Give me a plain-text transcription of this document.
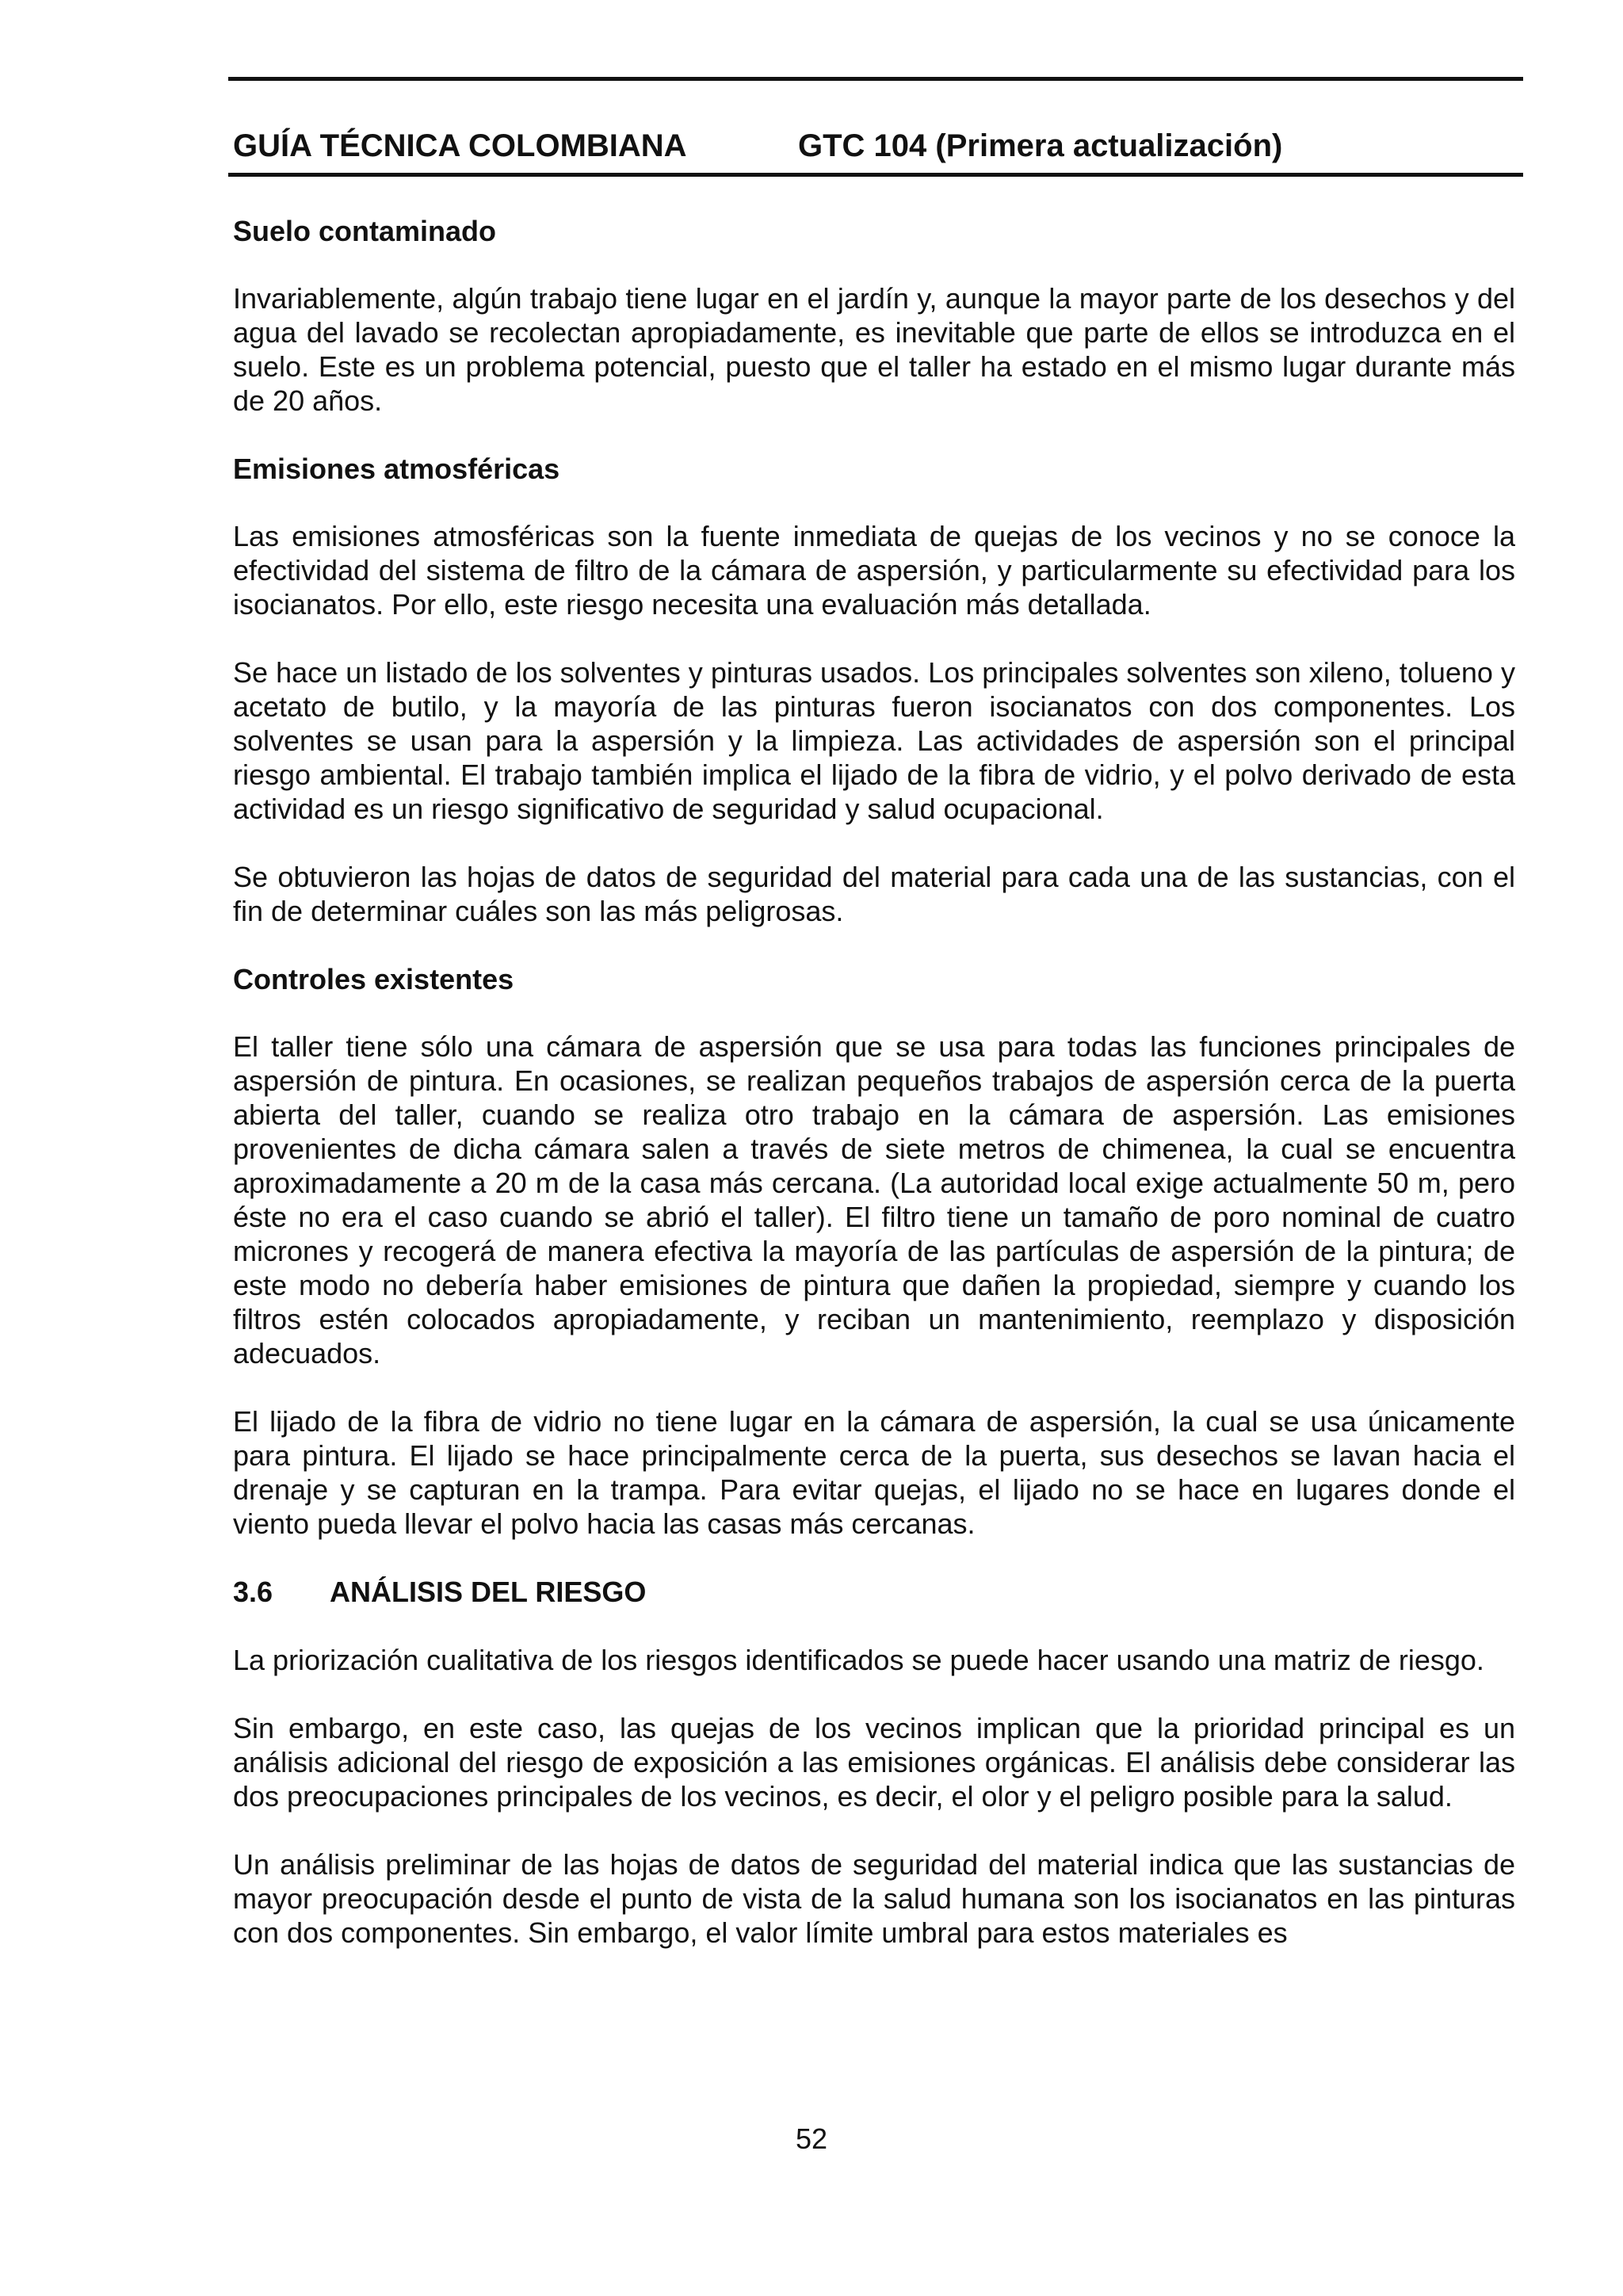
GUÍA TÉCNICA COLOMBIANA	GTC 104 (Primera actualización)
Suelo contaminado

Invariablemente, algún trabajo tiene lugar en el jardín y, aunque la mayor parte de los desechos y del agua del lavado se recolectan apropiadamente, es inevitable que parte de ellos se introduzca en el suelo. Este es un problema potencial, puesto que el taller ha estado en el mismo lugar durante más de 20 años.

Emisiones atmosféricas

Las emisiones atmosféricas son la fuente inmediata de quejas de los vecinos y no se conoce la efectividad del sistema de filtro de la cámara de aspersión, y particularmente su efectividad para los isocianatos. Por ello, este riesgo necesita una evaluación más detallada.

Se hace un listado de los solventes y pinturas usados. Los principales solventes son xileno, tolueno y acetato de butilo, y la mayoría de las pinturas fueron isocianatos con dos componentes. Los solventes se usan para la aspersión y la limpieza. Las actividades de aspersión son el principal riesgo ambiental. El trabajo también implica el lijado de la fibra de vidrio, y el polvo derivado de esta actividad es un riesgo significativo de seguridad y salud ocupacional.

Se obtuvieron las hojas de datos de seguridad del material para cada una de las sustancias, con el fin de determinar cuáles son las más peligrosas.

Controles existentes

El taller tiene sólo una cámara de aspersión que se usa para todas las funciones principales de aspersión de pintura. En ocasiones, se realizan pequeños trabajos de aspersión cerca de la puerta abierta del taller, cuando se realiza otro trabajo en la cámara de aspersión. Las emisiones provenientes de dicha cámara salen a través de siete metros de chimenea, la cual se encuentra aproximadamente a 20 m de la casa más cercana. (La autoridad local exige actualmente 50 m, pero éste no era el caso cuando se abrió el taller). El filtro tiene un tamaño de poro nominal de cuatro micrones y recogerá de manera efectiva la mayoría de las partículas de aspersión de la pintura; de este modo no debería haber emisiones de pintura que dañen la propiedad, siempre y cuando los filtros estén colocados apropiadamente, y reciban un mantenimiento, reemplazo y disposición adecuados.

El lijado de la fibra de vidrio no tiene lugar en la cámara de aspersión, la cual se usa únicamente para pintura. El lijado se hace principalmente cerca de la puerta, sus desechos se lavan hacia el drenaje y se capturan en la trampa. Para evitar quejas, el lijado no se hace en lugares donde el viento pueda llevar el polvo hacia las casas más cercanas.

3.6	ANÁLISIS DEL RIESGO

La priorización cualitativa de los riesgos identificados se puede hacer usando una matriz de riesgo.

Sin embargo, en este caso, las quejas de los vecinos implican que la prioridad principal es un análisis adicional del riesgo de exposición a las emisiones orgánicas. El análisis debe considerar las dos preocupaciones principales de los vecinos, es decir, el olor y el peligro posible para la salud.

Un análisis preliminar de las hojas de datos de seguridad del material indica que las sustancias de mayor preocupación desde el punto de vista de la salud humana son los isocianatos en las pinturas con dos componentes. Sin embargo, el valor límite umbral para estos materiales es

52
